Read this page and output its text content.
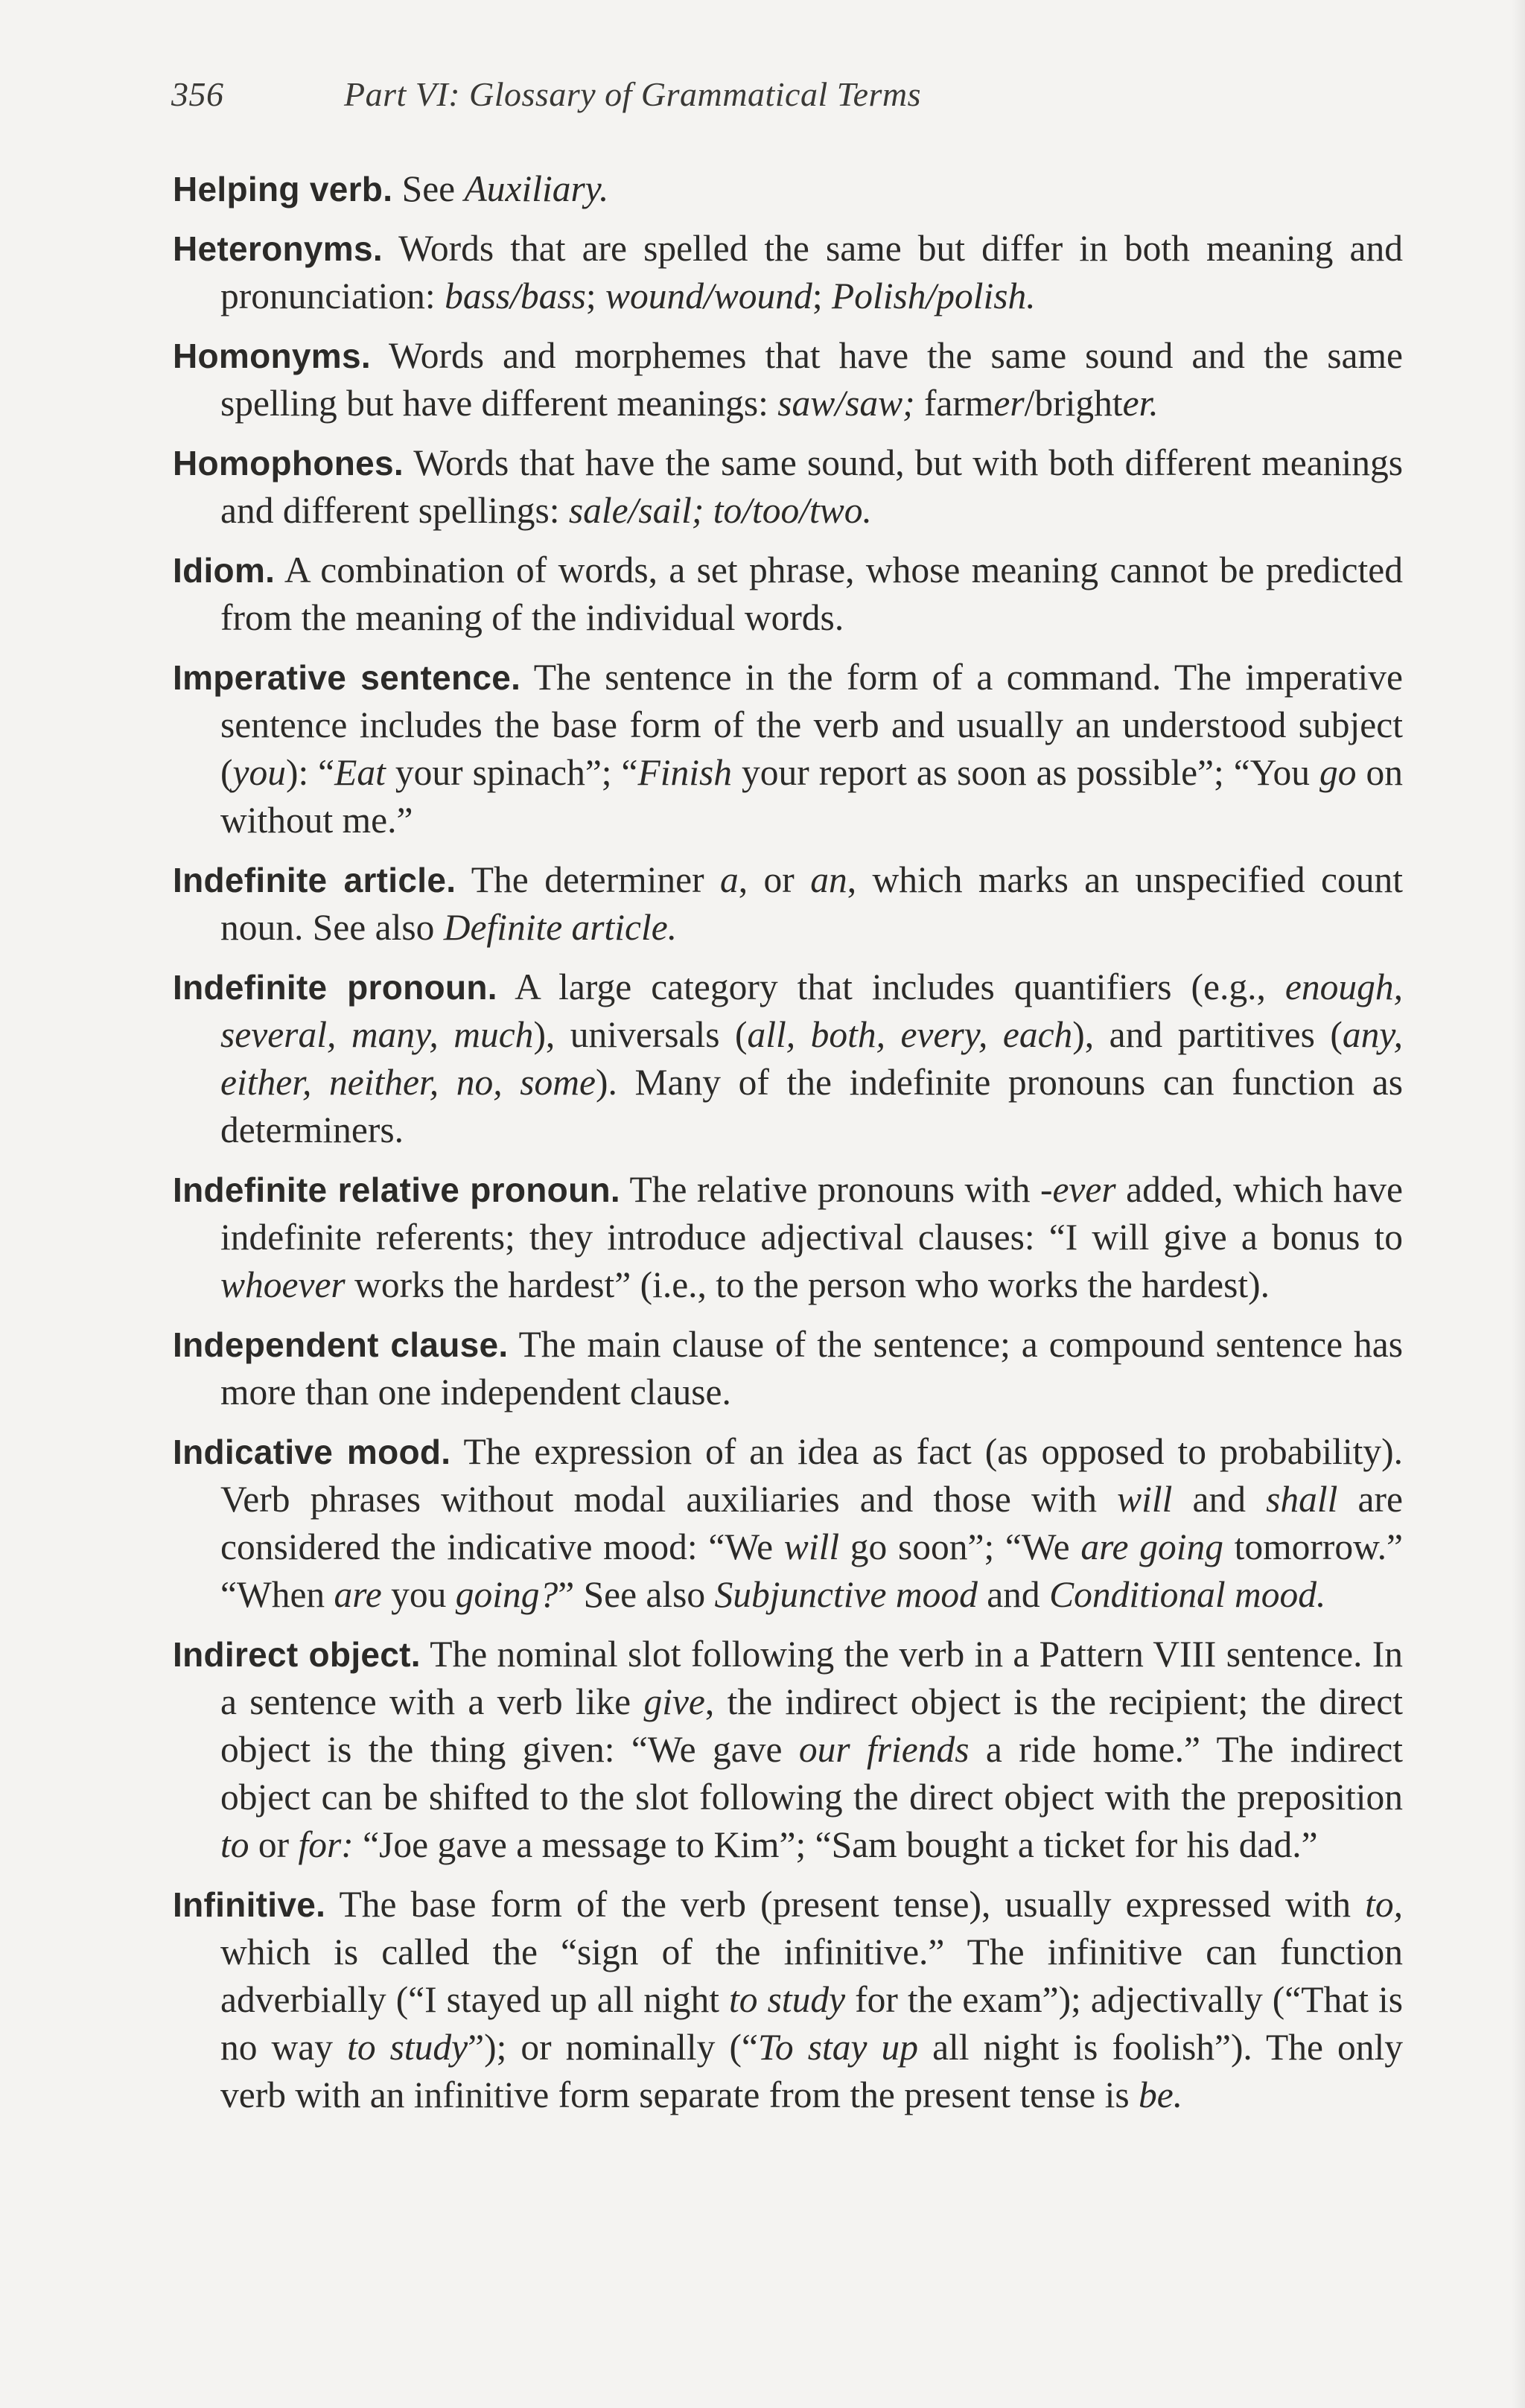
356	Part VI: Glossary of Grammatical Terms

Helping verb. See Auxiliary.

Heteronyms. Words that are spelled the same but differ in both meaning and pronunciation: bass/bass; wound/wound; Polish/polish.

Homonyms. Words and morphemes that have the same sound and the same spelling but have different meanings: saw/saw; farmer/brighter.

Homophones. Words that have the same sound, but with both different meanings and different spellings: sale/sail; to/too/two.

Idiom. A combination of words, a set phrase, whose meaning cannot be predicted from the meaning of the individual words.

Imperative sentence. The sentence in the form of a command. The imperative sentence includes the base form of the verb and usually an understood subject (you): “Eat your spinach”; “Finish your report as soon as possible”; “You go on without me.”

Indefinite article. The determiner a, or an, which marks an unspecified count noun. See also Definite article.

Indefinite pronoun. A large category that includes quantifiers (e.g., enough, several, many, much), universals (all, both, every, each), and partitives (any, either, neither, no, some). Many of the indefinite pronouns can function as determiners.

Indefinite relative pronoun. The relative pronouns with -ever added, which have indefinite referents; they introduce adjectival clauses: “I will give a bonus to whoever works the hardest” (i.e., to the person who works the hardest).

Independent clause. The main clause of the sentence; a compound sentence has more than one independent clause.

Indicative mood. The expression of an idea as fact (as opposed to probability). Verb phrases without modal auxiliaries and those with will and shall are considered the indicative mood: “We will go soon”; “We are going tomorrow.” “When are you going?” See also Subjunctive mood and Conditional mood.

Indirect object. The nominal slot following the verb in a Pattern VIII sentence. In a sentence with a verb like give, the indirect object is the recipient; the direct object is the thing given: “We gave our friends a ride home.” The indirect object can be shifted to the slot following the direct object with the preposition to or for: “Joe gave a message to Kim”; “Sam bought a ticket for his dad.”

Infinitive. The base form of the verb (present tense), usually expressed with to, which is called the “sign of the infinitive.” The infinitive can function adverbially (“I stayed up all night to study for the exam”); adjectivally (“That is no way to study”); or nominally (“To stay up all night is foolish”). The only verb with an infinitive form separate from the present tense is be.
